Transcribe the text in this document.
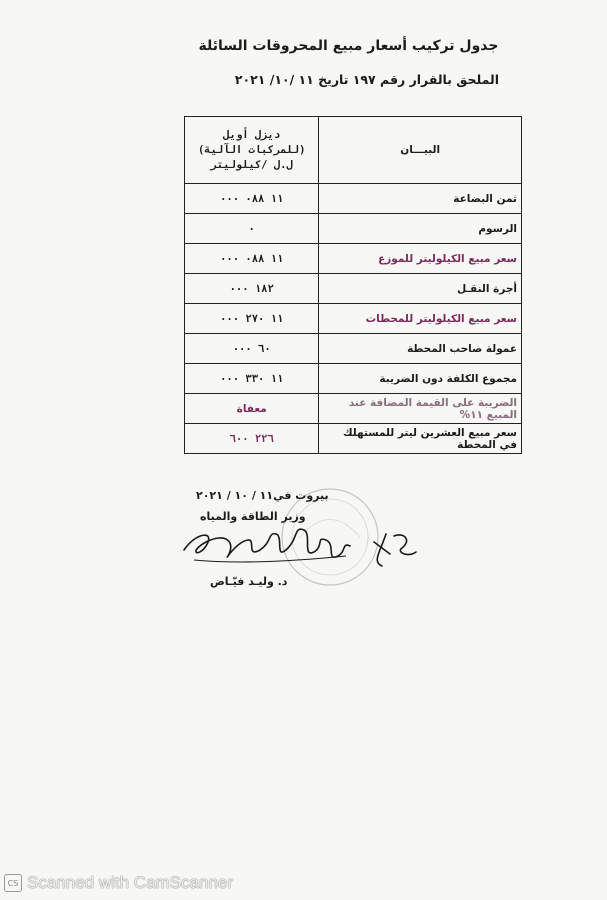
جدول تركيب أسعار مبيع المحروقات السائلة
الملحق بالقرار رقم ١٩٧ تاريخ ١١ /١٠/ ٢٠٢١
البيـــان	ديزل أويل
(للمركبات الآلية)
ل.ل /كيلوليتر

ثمن البضاعة	١١ ٠٨٨ ٠٠٠
الرسوم	٠
سعر مبيع الكيلوليتر للموزع	١١ ٠٨٨ ٠٠٠
أجرة النقـل	١٨٢ ٠٠٠
سعر مبيع الكيلوليتر للمحطات	١١ ٢٧٠ ٠٠٠
عمولة صاحب المحطة	٦٠ ٠٠٠
مجموع الكلفة دون الضريبة	١١ ٣٣٠ ٠٠٠
الضريبة على القيمة المضافة عند المبيع ١١%	معفاة
سعر مبيع العشرين ليتر للمستهلك في المحطة	٢٢٦ ٦٠٠
بيروت في١١ / ١٠ / ٢٠٢١
وزير الطاقة والمياه
د. وليـد فيّـاض
CS Scanned with CamScanner
